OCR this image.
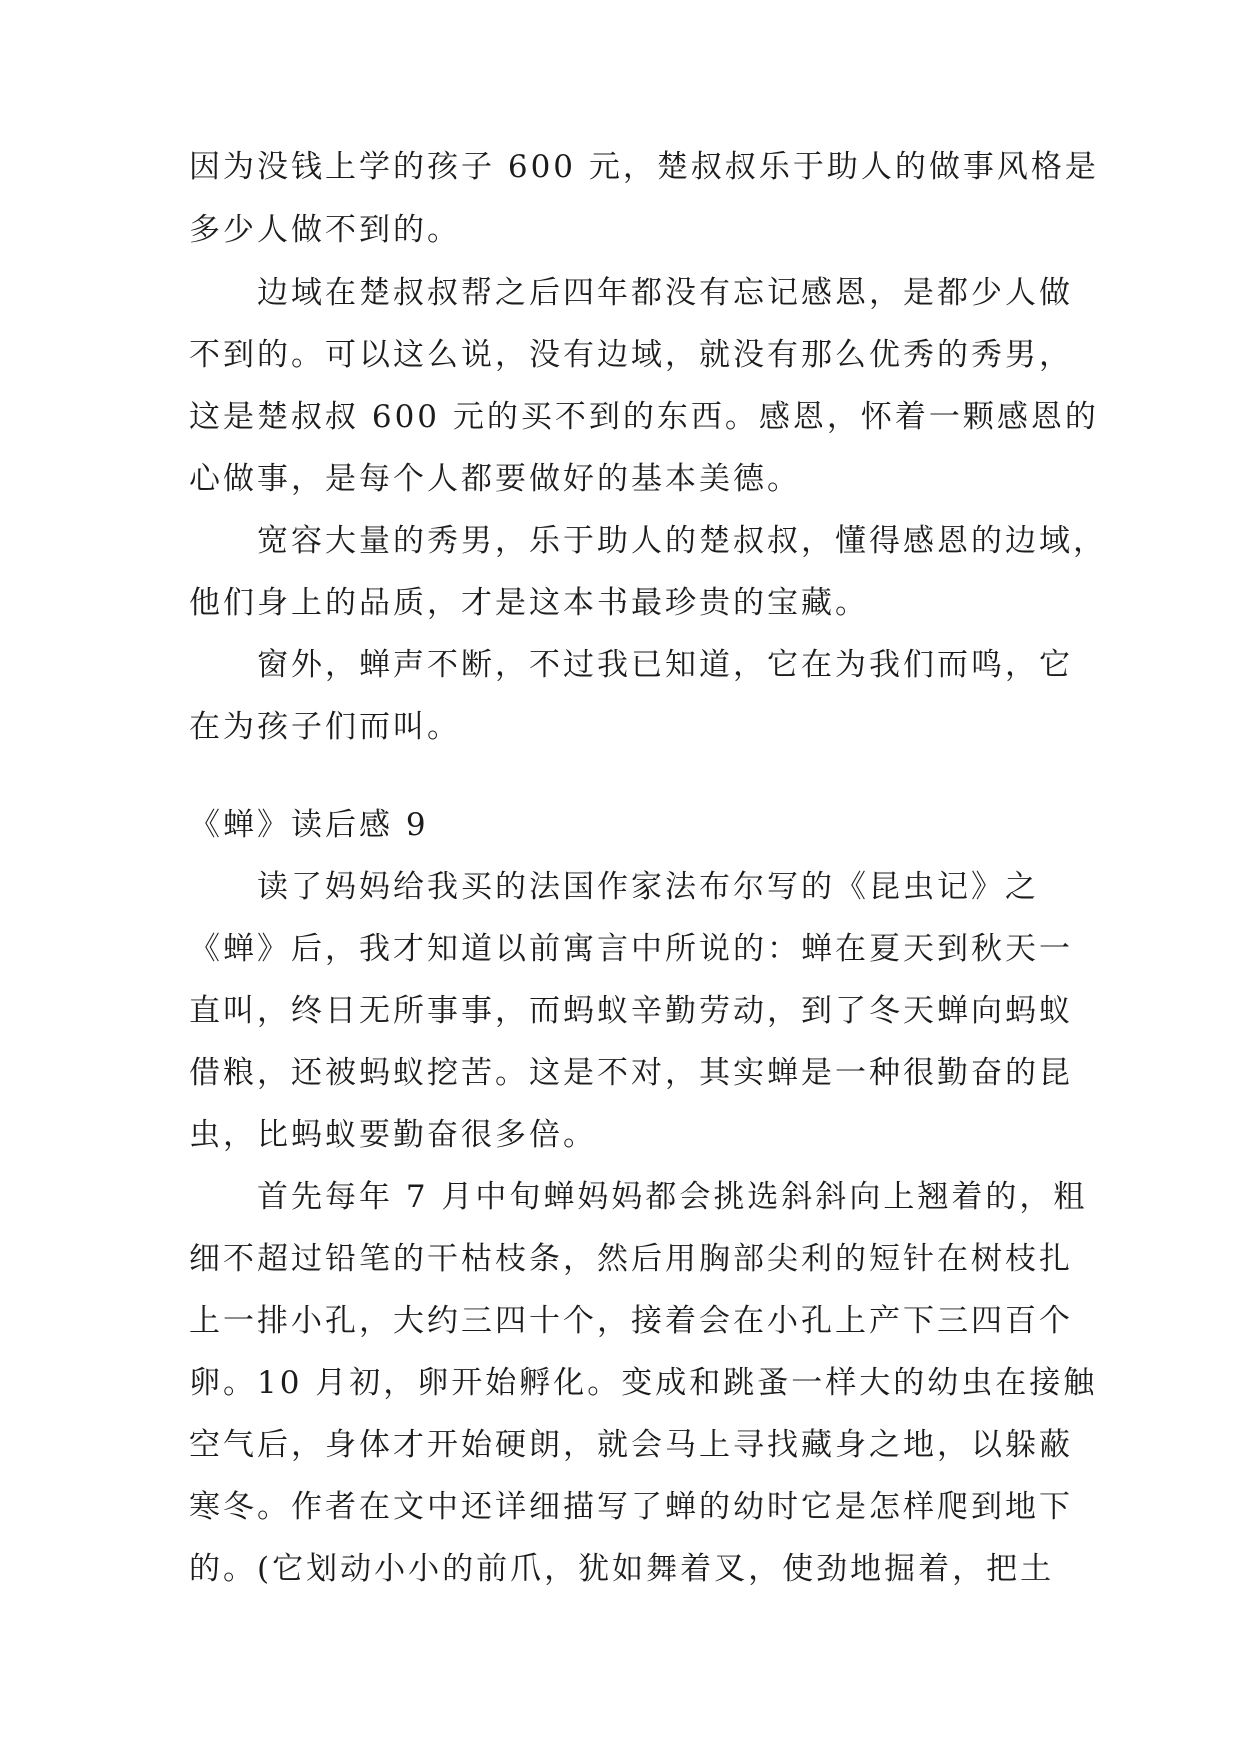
因为没钱上学的孩子 600 元，楚叔叔乐于助人的做事风格是
多少人做不到的。
边域在楚叔叔帮之后四年都没有忘记感恩，是都少人做
不到的。可以这么说，没有边域，就没有那么优秀的秀男，
这是楚叔叔 600 元的买不到的东西。感恩，怀着一颗感恩的
心做事，是每个人都要做好的基本美德。
宽容大量的秀男，乐于助人的楚叔叔，懂得感恩的边域，
他们身上的品质，才是这本书最珍贵的宝藏。
窗外，蝉声不断，不过我已知道，它在为我们而鸣，它
在为孩子们而叫。
《蝉》读后感 9
读了妈妈给我买的法国作家法布尔写的《昆虫记》之
《蝉》后，我才知道以前寓言中所说的：蝉在夏天到秋天一
直叫，终日无所事事，而蚂蚁辛勤劳动，到了冬天蝉向蚂蚁
借粮，还被蚂蚁挖苦。这是不对，其实蝉是一种很勤奋的昆
虫，比蚂蚁要勤奋很多倍。
首先每年 7 月中旬蝉妈妈都会挑选斜斜向上翘着的，粗
细不超过铅笔的干枯枝条，然后用胸部尖利的短针在树枝扎
上一排小孔，大约三四十个，接着会在小孔上产下三四百个
卵。10 月初，卵开始孵化。变成和跳蚤一样大的幼虫在接触
空气后，身体才开始硬朗，就会马上寻找藏身之地，以躲蔽
寒冬。作者在文中还详细描写了蝉的幼时它是怎样爬到地下
的。(它划动小小的前爪，犹如舞着叉，使劲地掘着，把土
